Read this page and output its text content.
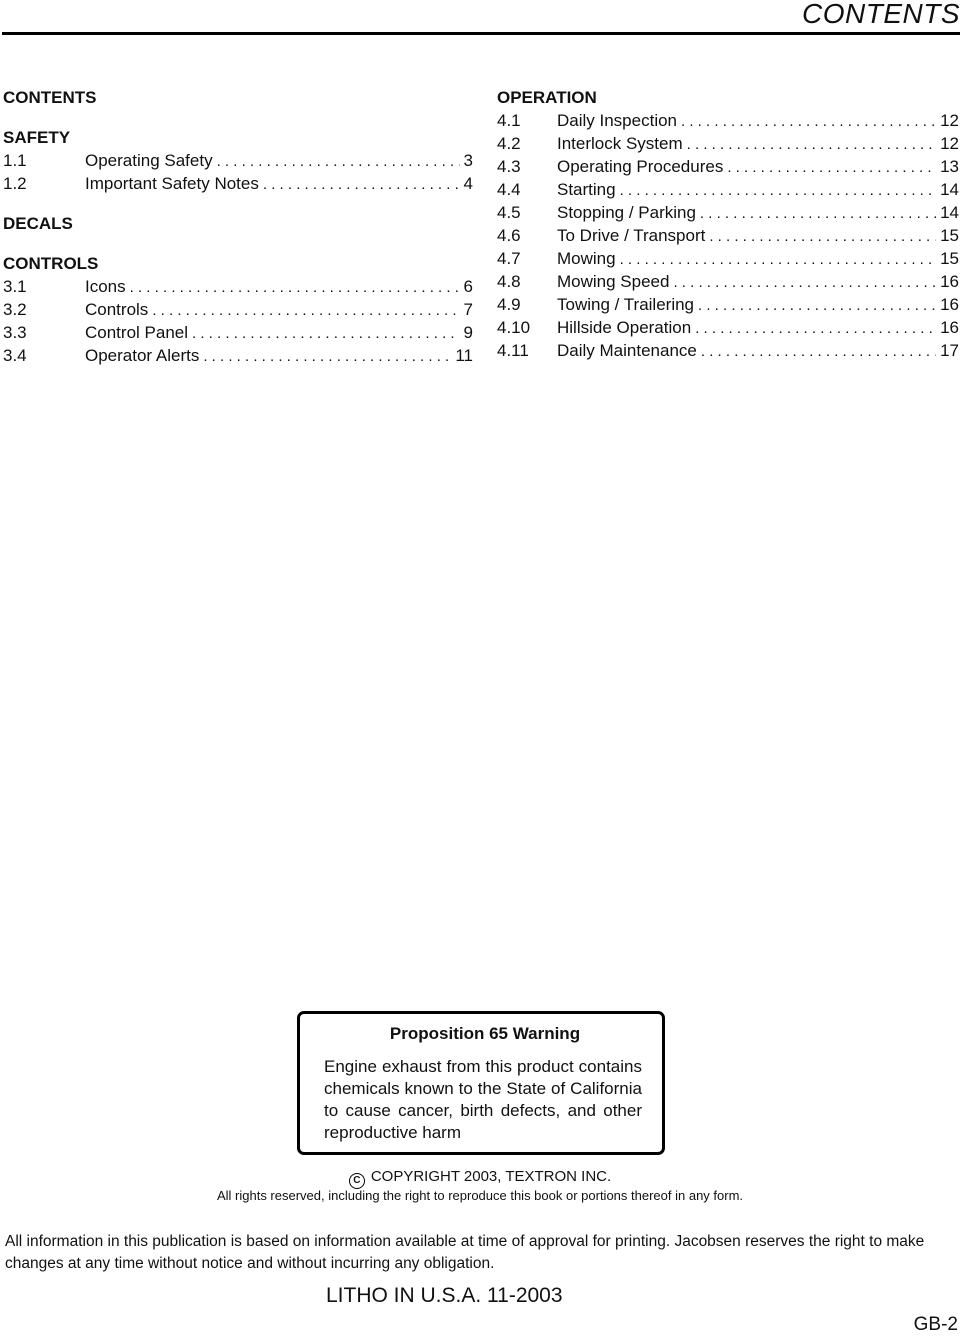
CONTENTS
CONTENTS
SAFETY
1.1	Operating Safety . . .	3
1.2	Important Safety Notes . . .	4
DECALS
CONTROLS
3.1	Icons . . .	6
3.2	Controls . . .	7
3.3	Control Panel . . .	9
3.4	Operator Alerts . . .	11
OPERATION
4.1	Daily Inspection . . .	12
4.2	Interlock System . . .	12
4.3	Operating Procedures . . .	13
4.4	Starting . . .	14
4.5	Stopping / Parking . . .	14
4.6	To Drive / Transport . . .	15
4.7	Mowing . . .	15
4.8	Mowing Speed . . .	16
4.9	Towing / Trailering . . .	16
4.10	Hillside Operation . . .	16
4.11	Daily Maintenance . . .	17
Proposition 65 Warning
Engine exhaust from this product contains chemicals known to the State of California to cause cancer, birth defects, and other reproductive harm
C COPYRIGHT 2003, TEXTRON INC.
All rights reserved, including the right to reproduce this book or portions thereof in any form.
All information in this publication is based on information available at time of approval for printing. Jacobsen reserves the right to make changes at any time without notice and without incurring any obligation.
LITHO IN U.S.A. 11-2003
GB-2
